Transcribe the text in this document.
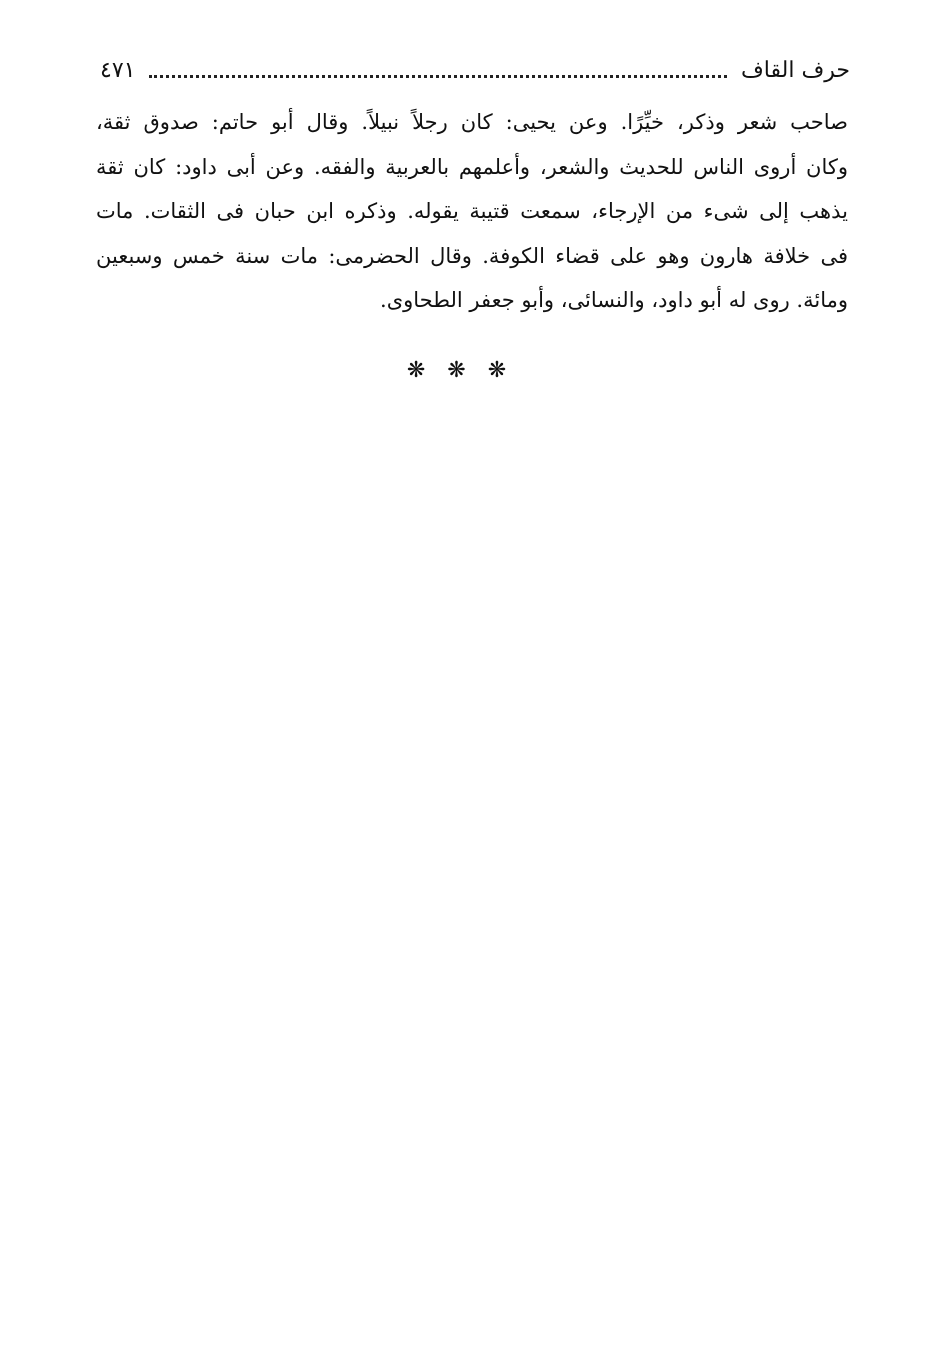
حرف القاف
٤٧١
صاحب شعر وذكر، خيِّرًا. وعن يحيى: كان رجلاً نبيلاً. وقال أبو حاتم: صدوق ثقة،
وكان أروى الناس للحديث والشعر، وأعلمهم بالعربية والفقه. وعن أبى داود: كان ثقة
يذهب إلى شىء من الإرجاء، سمعت قتيبة يقوله. وذكره ابن حبان فى الثقات. مات
فى خلافة هارون وهو على قضاء الكوفة. وقال الحضرمى: مات سنة خمس وسبعين
ومائة. روى له أبو داود، والنسائى، وأبو جعفر الطحاوى.
❋❋❋
